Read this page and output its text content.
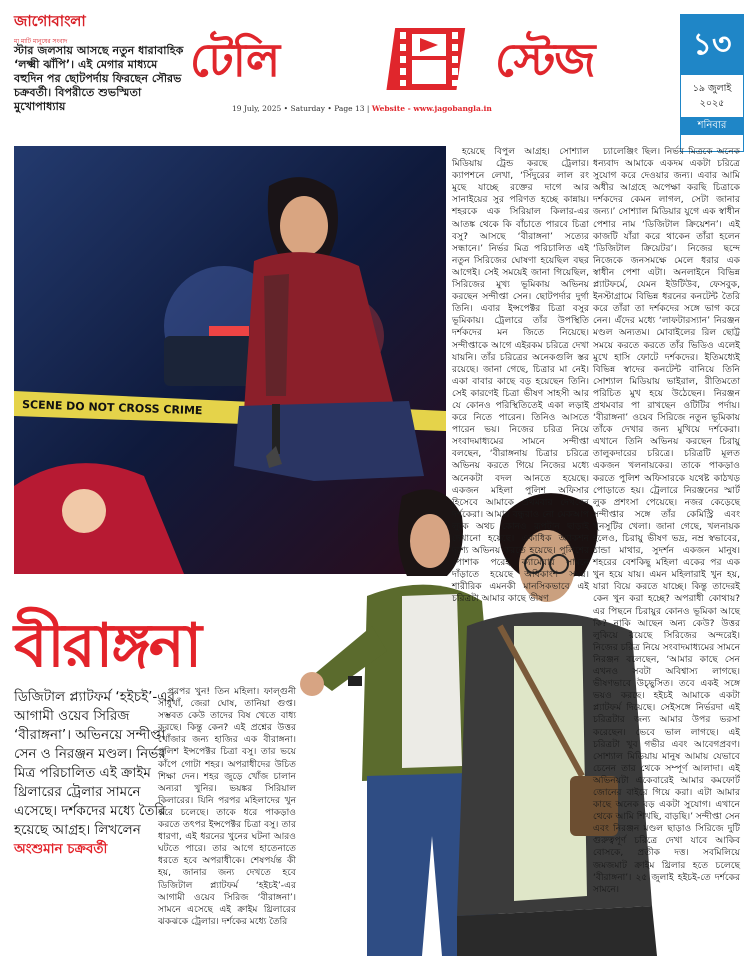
জাগোবাংলা
মা মাটি মানুষের সংবাদ
স্টার জলসায় আসছে নতুন ধারাবাহিক ‘লক্ষ্মী ঝাঁপি’। এই মেগার মাধ্যমে বহুদিন পর ছোটপর্দায় ফিরছেন সৌরভ চক্রবর্তী। বিপরীতে শুভস্মিতা মুখোপাধ্যায়
টেলি	স্টেজ
19 July, 2025 • Saturday • Page 13 | Website - www.jagobangla.in
১৩
১৯ জুলাই
২০২৫
শনিবার
SCENE DO NOT CROSS CRIME
বীরাঙ্গনা
ডিজিটাল প্ল্যাটফর্ম ‘হইচই’-এর আগামী ওয়েব সিরিজ ‘বীরাঙ্গনা’। অভিনয়ে সন্দীপ্তা সেন ও নিরঞ্জন মণ্ডল। নির্ভর মিত্র পরিচালিত এই ক্রাইম থ্রিলারের ট্রেলার সামনে এসেছে। দর্শকদের মধ্যে তৈরি হয়েছে আগ্রহ। লিখলেন অংশুমান চক্রবর্তী

পরপর খুন! তিন মহিলা। ফাল্গুনী সাধুখাঁ, জেরা ঘোষ, তানিয়া গুপ্ত। সম্ভবত কেউ তাদের বিষ খেতে বাধ্য করছে। কিন্তু কেন? এই প্রশ্নের উত্তর খোঁজার জন্য হাজির এক বীরাঙ্গনা। পুলিশ ইন্সপেক্টর চিত্রা বসু। তার ভয়ে কাঁপে গোটা শহর। অপরাধীদের উচিত শিক্ষা দেন। শহর জুড়ে খোঁজ চালান অন্যরা খুনির। ভয়ঙ্কর সিরিয়াল কিলারের। যিনি পরপর মহিলাদের খুন করে চলেছে। তাকে ধরে পাকড়াও করতে তৎপর ইন্সপেক্টর চিত্রা বসু। তার ধারণা, এই ধরনের খুনের ঘটনা আরও ঘটতে পারে। তার আগে হাতেনাতে ধরতে হবে অপরাধীকে। শেষপর্যন্ত কী হয়, জানার জন্য দেখতে হবে ডিজিটাল প্ল্যাটফর্ম ‘হইচই’-এর আগামী ওয়েব সিরিজ ‘বীরাঙ্গনা’। সামনে এসেছে এই ক্রাইম থ্রিলারের ঝকঝকে ট্রেলার। দর্শকের মধ্যে তৈরি

হয়েছে বিপুল আগ্রহ। সোশ্যাল মিডিয়ায় ট্রেন্ড করছে ট্রেলার। ক্যাপশনে লেখা, ‘সিঁদুরের লাল রং মুছে যাচ্ছে রক্তের দাগে আর সানাইয়ের সুর পরিণত হচ্ছে কান্নায়। শহরকে এক সিরিয়াল কিলার-এর আতঙ্ক থেকে কি বাঁচাতে পারবে চিত্রা বসু? আসছে ‘বীরাঙ্গনা’ সত্যের সন্ধানে।’ নির্ভর মিত্র পরিচালিত এই নতুন সিরিজের ঘোষণা হয়েছিল বছর আগেই। সেই সময়েই জানা গিয়েছিল, সিরিজের মুখ্য ভূমিকায় অভিনয় করছেন সন্দীপ্তা সেন। ছোটপর্দার দুর্গা তিনি। এবার ইন্সপেক্টর চিত্রা বসুর ভূমিকায়। ট্রেলারে তাঁর উপস্থিতি দর্শকদের মন জিতে নিয়েছে। সন্দীপ্তাকে আগে এইরকম চরিত্রে দেখা যায়নি। তাঁর চরিত্রের অনেকগুলি স্তর রয়েছে। জানা গেছে, চিত্রার মা নেই। একা বাবার কাছে বড় হয়েছেন তিনি। সেই কারণেই চিত্রা ভীষণ সাহসী আর যে কোনও পরিস্থিতিতেই একা লড়াই করে নিতে পারেন। তিনিও আসতে পারেন ভয়। নিজের চরিত্র নিয়ে সংবাদমাধ্যমের সামনে সন্দীপ্তা বলছেন, ‘বীরাঙ্গনায় চিত্রার চরিত্রে অভিনয় করতে গিয়ে নিজের মধ্যে অনেকটা বদল আনতে হয়েছে। একজন মহিলা পুলিশ অফিসার হিসেবে আমাকে প্রথমবার দেখবেন দর্শকেরা। আমার বন্ধুরাও নো মেকআপ লুকে অথচ কোনও রূপটান ছাড়াই দেখানো হয়েছে। একাধিক অ্যাকশন দৃশ্যে অভিনয় করতে হয়েছে। পুলিশের পোশাক পরেই ক্যামেরার সামনে দাঁড়াতে হয়েছে অধিকাংশ সময়। শারীরিক এমনকী মানসিকভাবে এই চরিত্রটা আমার কাছে ভীষণ

চ্যালেঞ্জিং ছিল। নির্ভর মিত্রকে অনেক ধন্যবাদ আমাকে একদম একটা চরিত্রে সুযোগ করে দেওয়ার জন্য। এবার আমি অধীর আগ্রহে অপেক্ষা করছি চিত্রাকে দর্শকদের কেমন লাগল, সেটা জানার জন্য।’ সোশ্যাল মিডিয়ার যুগে এক স্বাধীন পেশার নাম ‘ডিজিটাল ক্রিয়েশন’। এই কাজটি যাঁরা করে থাকেন তাঁরা হলেন ‘ডিজিটাল ক্রিয়েটর’। নিজের ছন্দে নিজেকে জনসমক্ষে মেলে ধরার এক স্বাধীন পেশা এটা। অনলাইনে বিভিন্ন প্ল্যাটফর্মে, যেমন ইউটিউব, ফেসবুক, ইনস্টাগ্রামে বিভিন্ন ধরনের কনটেন্ট তৈরি করে তাঁরা তা দর্শকদের সঙ্গে ভাগ করে নেন। এঁদের মধ্যে ‘লাফটারস্যান’ নিরঞ্জন মণ্ডল অন্যতম। মোবাইলের রিল ছোট্ট সময়ে করতে করতে তাঁর ভিডিও এলেই মুখে হাসি ফোটে দর্শকদের। ইতিমধ্যেই বিভিন্ন স্বাদের কনটেন্ট বানিয়ে তিনি সোশ্যাল মিডিয়ায় ভাইরাল, রীতিমতো পরিচিত মুখ হয়ে উঠেছেন। নিরঞ্জন প্রথমবার পা রাখছেন ওটিটির পর্দায়। ‘বীরাঙ্গনা’ ওয়েব সিরিজে নতুন ভূমিকায় তাঁকে দেখার জন্য মুখিয়ে দর্শকেরা। এখানে তিনি অভিনয় করছেন চিরায়ু তালুকদারের চরিত্রে। চরিত্রটি মূলত একজন খলনায়কের। তাকে পাকড়াও করতে পুলিশ অফিসারকে যথেষ্ট কাঠখড় পোড়াতে হয়। ট্রেলারে নিরঞ্জনের স্মার্ট লুক প্রশংসা পেয়েছে। নজর কেড়েছে সন্দীপ্তার সঙ্গে তাঁর কেমিস্ট্রি এবং খুনসুটির খেলা। জানা গেছে, খলনায়ক হলেও, চিরায়ু ভীষণ ভদ্র, নম্র স্বভাবের, ঠান্ডা মাথার, সুদর্শন একজন মানুষ। শহরের বেশকিছু মহিলা একের পর এক খুন হয়ে যায়। এমন মহিলারাই খুন হয়, যারা বিয়ে করতে যাচ্ছে। কিন্তু তাদেরই কেন খুন করা হচ্ছে? অপরাধী কোথায়? এর পিছনে চিরায়ুর কোনও ভূমিকা আছে কি? নাকি আছেন অন্য কেউ? উত্তর লুকিয়ে রয়েছে সিরিজের অন্দরেই। নিজের চরিত্র নিয়ে সংবাদমাধ্যমের সামনে নিরঞ্জন বলেছেন, ‘আমার কাছে সেন এখনও সবটা অবিশ্বাস্য লাগছে। ভীষণভাবে উচ্ছ্বসিত। তবে একই সঙ্গে ভয়ও করছে। হইচই আমাকে একটা প্ল্যাটফর্ম দিয়েছে। সেইসঙ্গে নির্ভরদা এই চরিত্রটার জন্য আমার উপর ভরসা করেছেন। ভেবে ভাল লাগছে। এই চরিত্রটা খুব গভীর এবং আবেগপ্রবণ। সোশ্যাল মিডিয়ায় মানুষ আমায় যেভাবে চেনেন তার থেকে সম্পূর্ণ আলাদা। এই অভিনয়টা একেবারেই আমার কমফোর্ট জোনের বাইরে গিয়ে করা। এটা আমার কাছে অনেক বড় একটা সুযোগ। এখানে থেকে আমি শিখছি, বাড়ছি।’ সন্দীপ্তা সেন এবং নিরঞ্জন মণ্ডল ছাড়াও সিরিজে দুটি গুরুত্বপূর্ণ চরিত্রে দেখা যাবে আকিব বোসকে, প্রতীক দত্ত। সবমিলিয়ে জমজমাট ক্রাইম থ্রিলার হতে চলেছে ‘বীরাঙ্গনা’। ২৫ জুলাই হইচই-তে দর্শকের সামনে।
